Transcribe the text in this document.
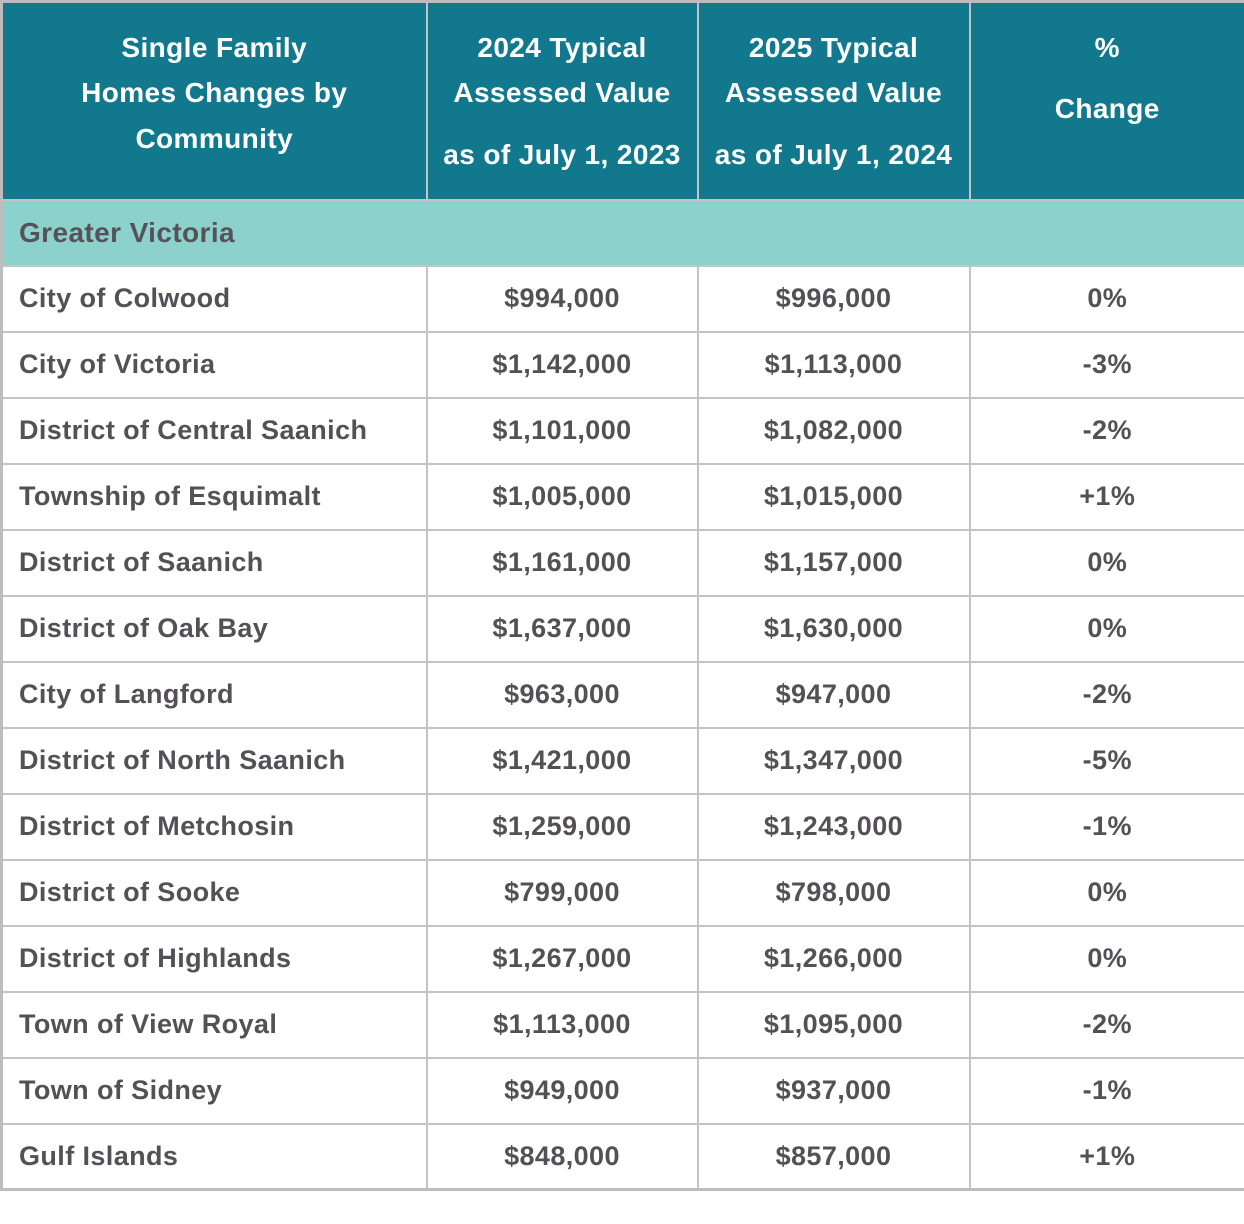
Single Family
Homes Changes by
Community

2024 Typical Assessed Value
as of July 1, 2023

2025 Typical Assessed Value
as of July 1, 2024

%
Change

Greater Victoria			
City of Colwood	$994,000	$996,000	0%
City of Victoria	$1,142,000	$1,113,000	-3%
District of Central Saanich	$1,101,000	$1,082,000	-2%
Township of Esquimalt	$1,005,000	$1,015,000	+1%
District of Saanich	$1,161,000	$1,157,000	0%
District of Oak Bay	$1,637,000	$1,630,000	0%
City of Langford	$963,000	$947,000	-2%
District of North Saanich	$1,421,000	$1,347,000	-5%
District of Metchosin	$1,259,000	$1,243,000	-1%
District of Sooke	$799,000	$798,000	0%
District of Highlands	$1,267,000	$1,266,000	0%
Town of View Royal	$1,113,000	$1,095,000	-2%
Town of Sidney	$949,000	$937,000	-1%
Gulf Islands	$848,000	$857,000	+1%
